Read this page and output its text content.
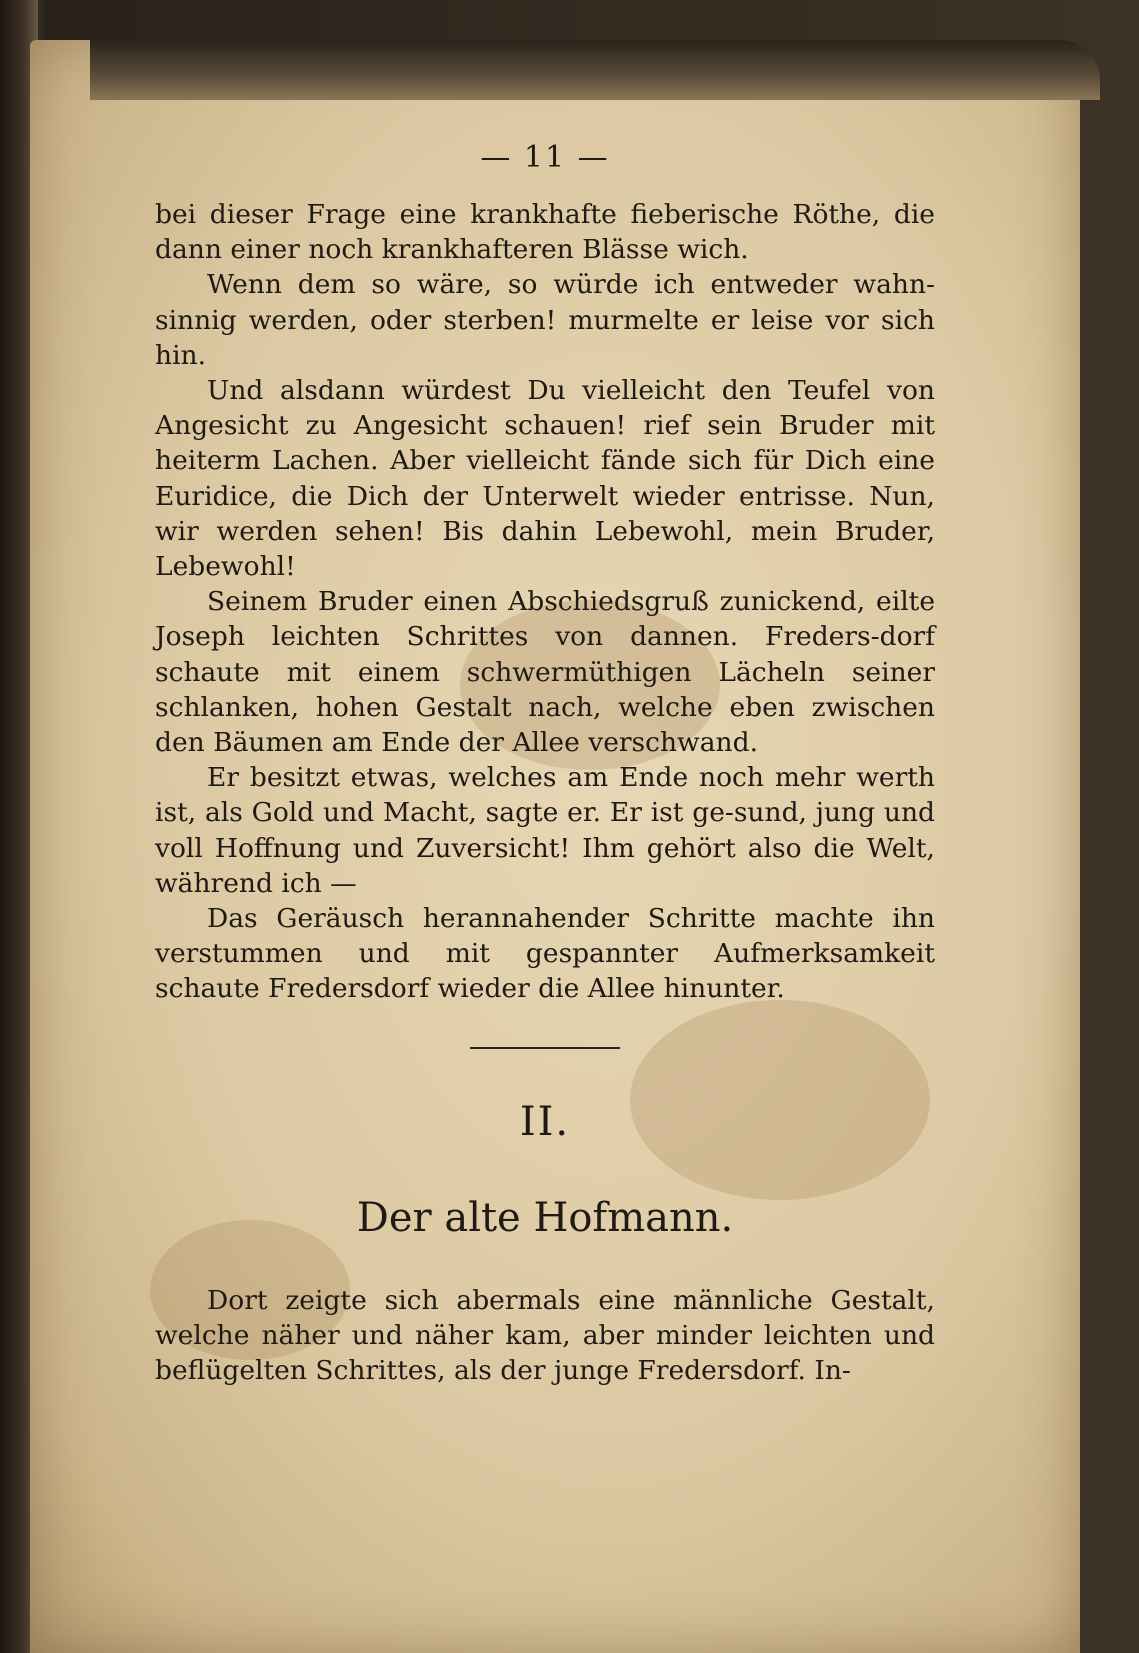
— 11 —

bei dieser Frage eine krankhafte fieberische Röthe, die dann einer noch krankhafteren Blässe wich.

Wenn dem so wäre, so würde ich entweder wahn-sinnig werden, oder sterben! murmelte er leise vor sich hin.

Und alsdann würdest Du vielleicht den Teufel von Angesicht zu Angesicht schauen! rief sein Bruder mit heiterm Lachen. Aber vielleicht fände sich für Dich eine Euridice, die Dich der Unterwelt wieder entrisse. Nun, wir werden sehen! Bis dahin Lebewohl, mein Bruder, Lebewohl!

Seinem Bruder einen Abschiedsgruß zunickend, eilte Joseph leichten Schrittes von dannen. Freders-dorf schaute mit einem schwermüthigen Lächeln seiner schlanken, hohen Gestalt nach, welche eben zwischen den Bäumen am Ende der Allee verschwand.

Er besitzt etwas, welches am Ende noch mehr werth ist, als Gold und Macht, sagte er. Er ist ge-sund, jung und voll Hoffnung und Zuversicht! Ihm gehört also die Welt, während ich —

Das Geräusch herannahender Schritte machte ihn verstummen und mit gespannter Aufmerksamkeit schaute Fredersdorf wieder die Allee hinunter.

II.
Der alte Hofmann.

Dort zeigte sich abermals eine männliche Gestalt, welche näher und näher kam, aber minder leichten und beflügelten Schrittes, als der junge Fredersdorf. In-
